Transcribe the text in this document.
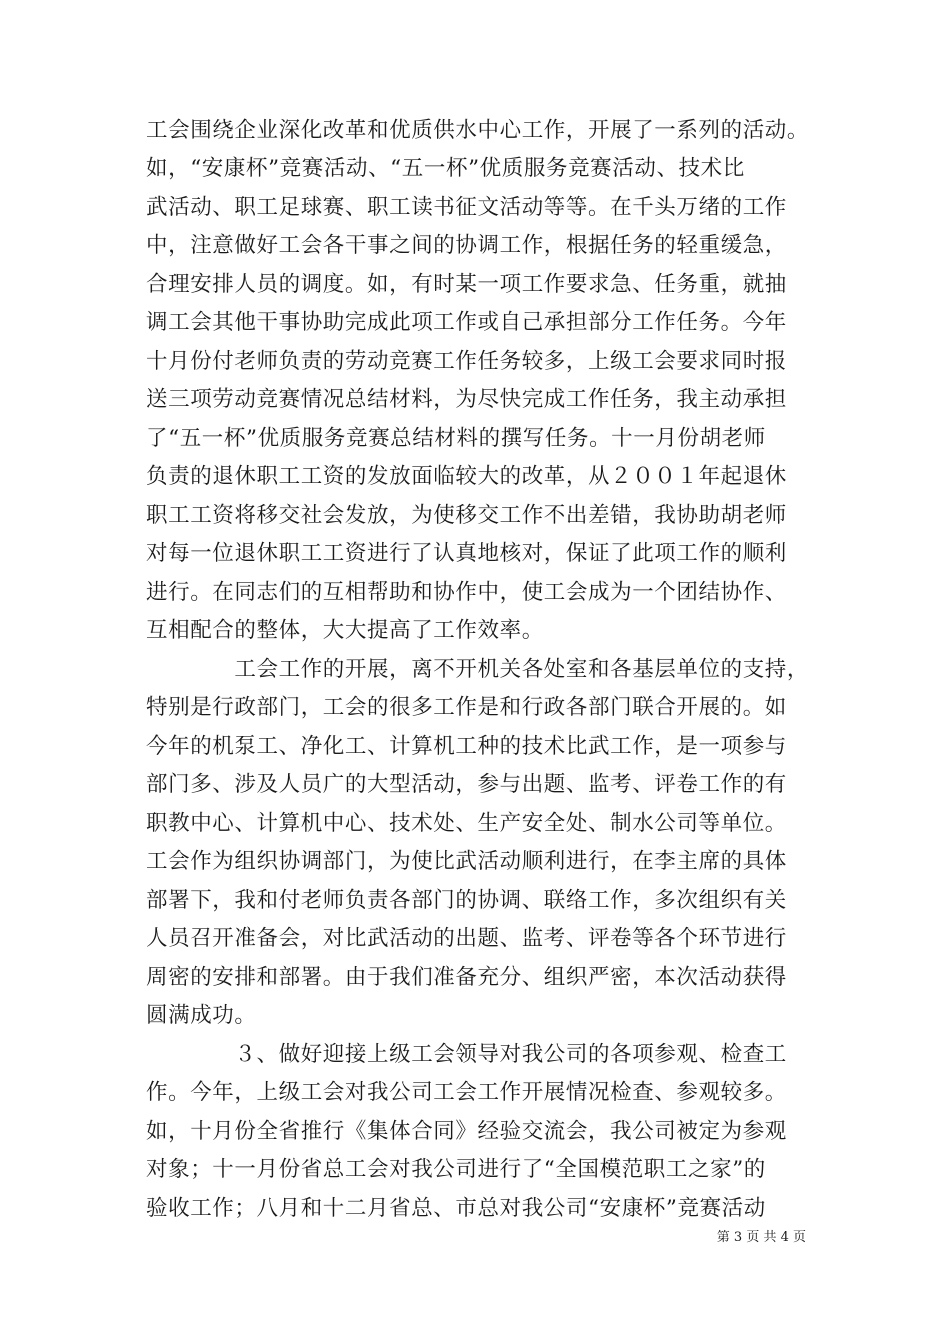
工会围绕企业深化改革和优质供水中心工作，开展了一系列的活动。
如，“安康杯”竞赛活动、“五一杯”优质服务竞赛活动、技术比
武活动、职工足球赛、职工读书征文活动等等。在千头万绪的工作
中，注意做好工会各干事之间的协调工作，根据任务的轻重缓急，
合理安排人员的调度。如，有时某一项工作要求急、任务重，就抽
调工会其他干事协助完成此项工作或自己承担部分工作任务。今年
十月份付老师负责的劳动竞赛工作任务较多，上级工会要求同时报
送三项劳动竞赛情况总结材料，为尽快完成工作任务，我主动承担
了“五一杯”优质服务竞赛总结材料的撰写任务。十一月份胡老师
负责的退休职工工资的发放面临较大的改革，从２００１年起退休
职工工资将移交社会发放，为使移交工作不出差错，我协助胡老师
对每一位退休职工工资进行了认真地核对，保证了此项工作的顺利
进行。在同志们的互相帮助和协作中，使工会成为一个团结协作、
互相配合的整体，大大提高了工作效率。
　　　　工会工作的开展，离不开机关各处室和各基层单位的支持，
特别是行政部门，工会的很多工作是和行政各部门联合开展的。如
今年的机泵工、净化工、计算机工种的技术比武工作，是一项参与
部门多、涉及人员广的大型活动，参与出题、监考、评卷工作的有
职教中心、计算机中心、技术处、生产安全处、制水公司等单位。
工会作为组织协调部门，为使比武活动顺利进行，在李主席的具体
部署下，我和付老师负责各部门的协调、联络工作，多次组织有关
人员召开准备会，对比武活动的出题、监考、评卷等各个环节进行
周密的安排和部署。由于我们准备充分、组织严密，本次活动获得
圆满成功。
　　　　３、做好迎接上级工会领导对我公司的各项参观、检查工
作。今年，上级工会对我公司工会工作开展情况检查、参观较多。
如，十月份全省推行《集体合同》经验交流会，我公司被定为参观
对象；十一月份省总工会对我公司进行了“全国模范职工之家”的
验收工作；八月和十二月省总、市总对我公司“安康杯”竞赛活动
第 3 页 共 4 页
